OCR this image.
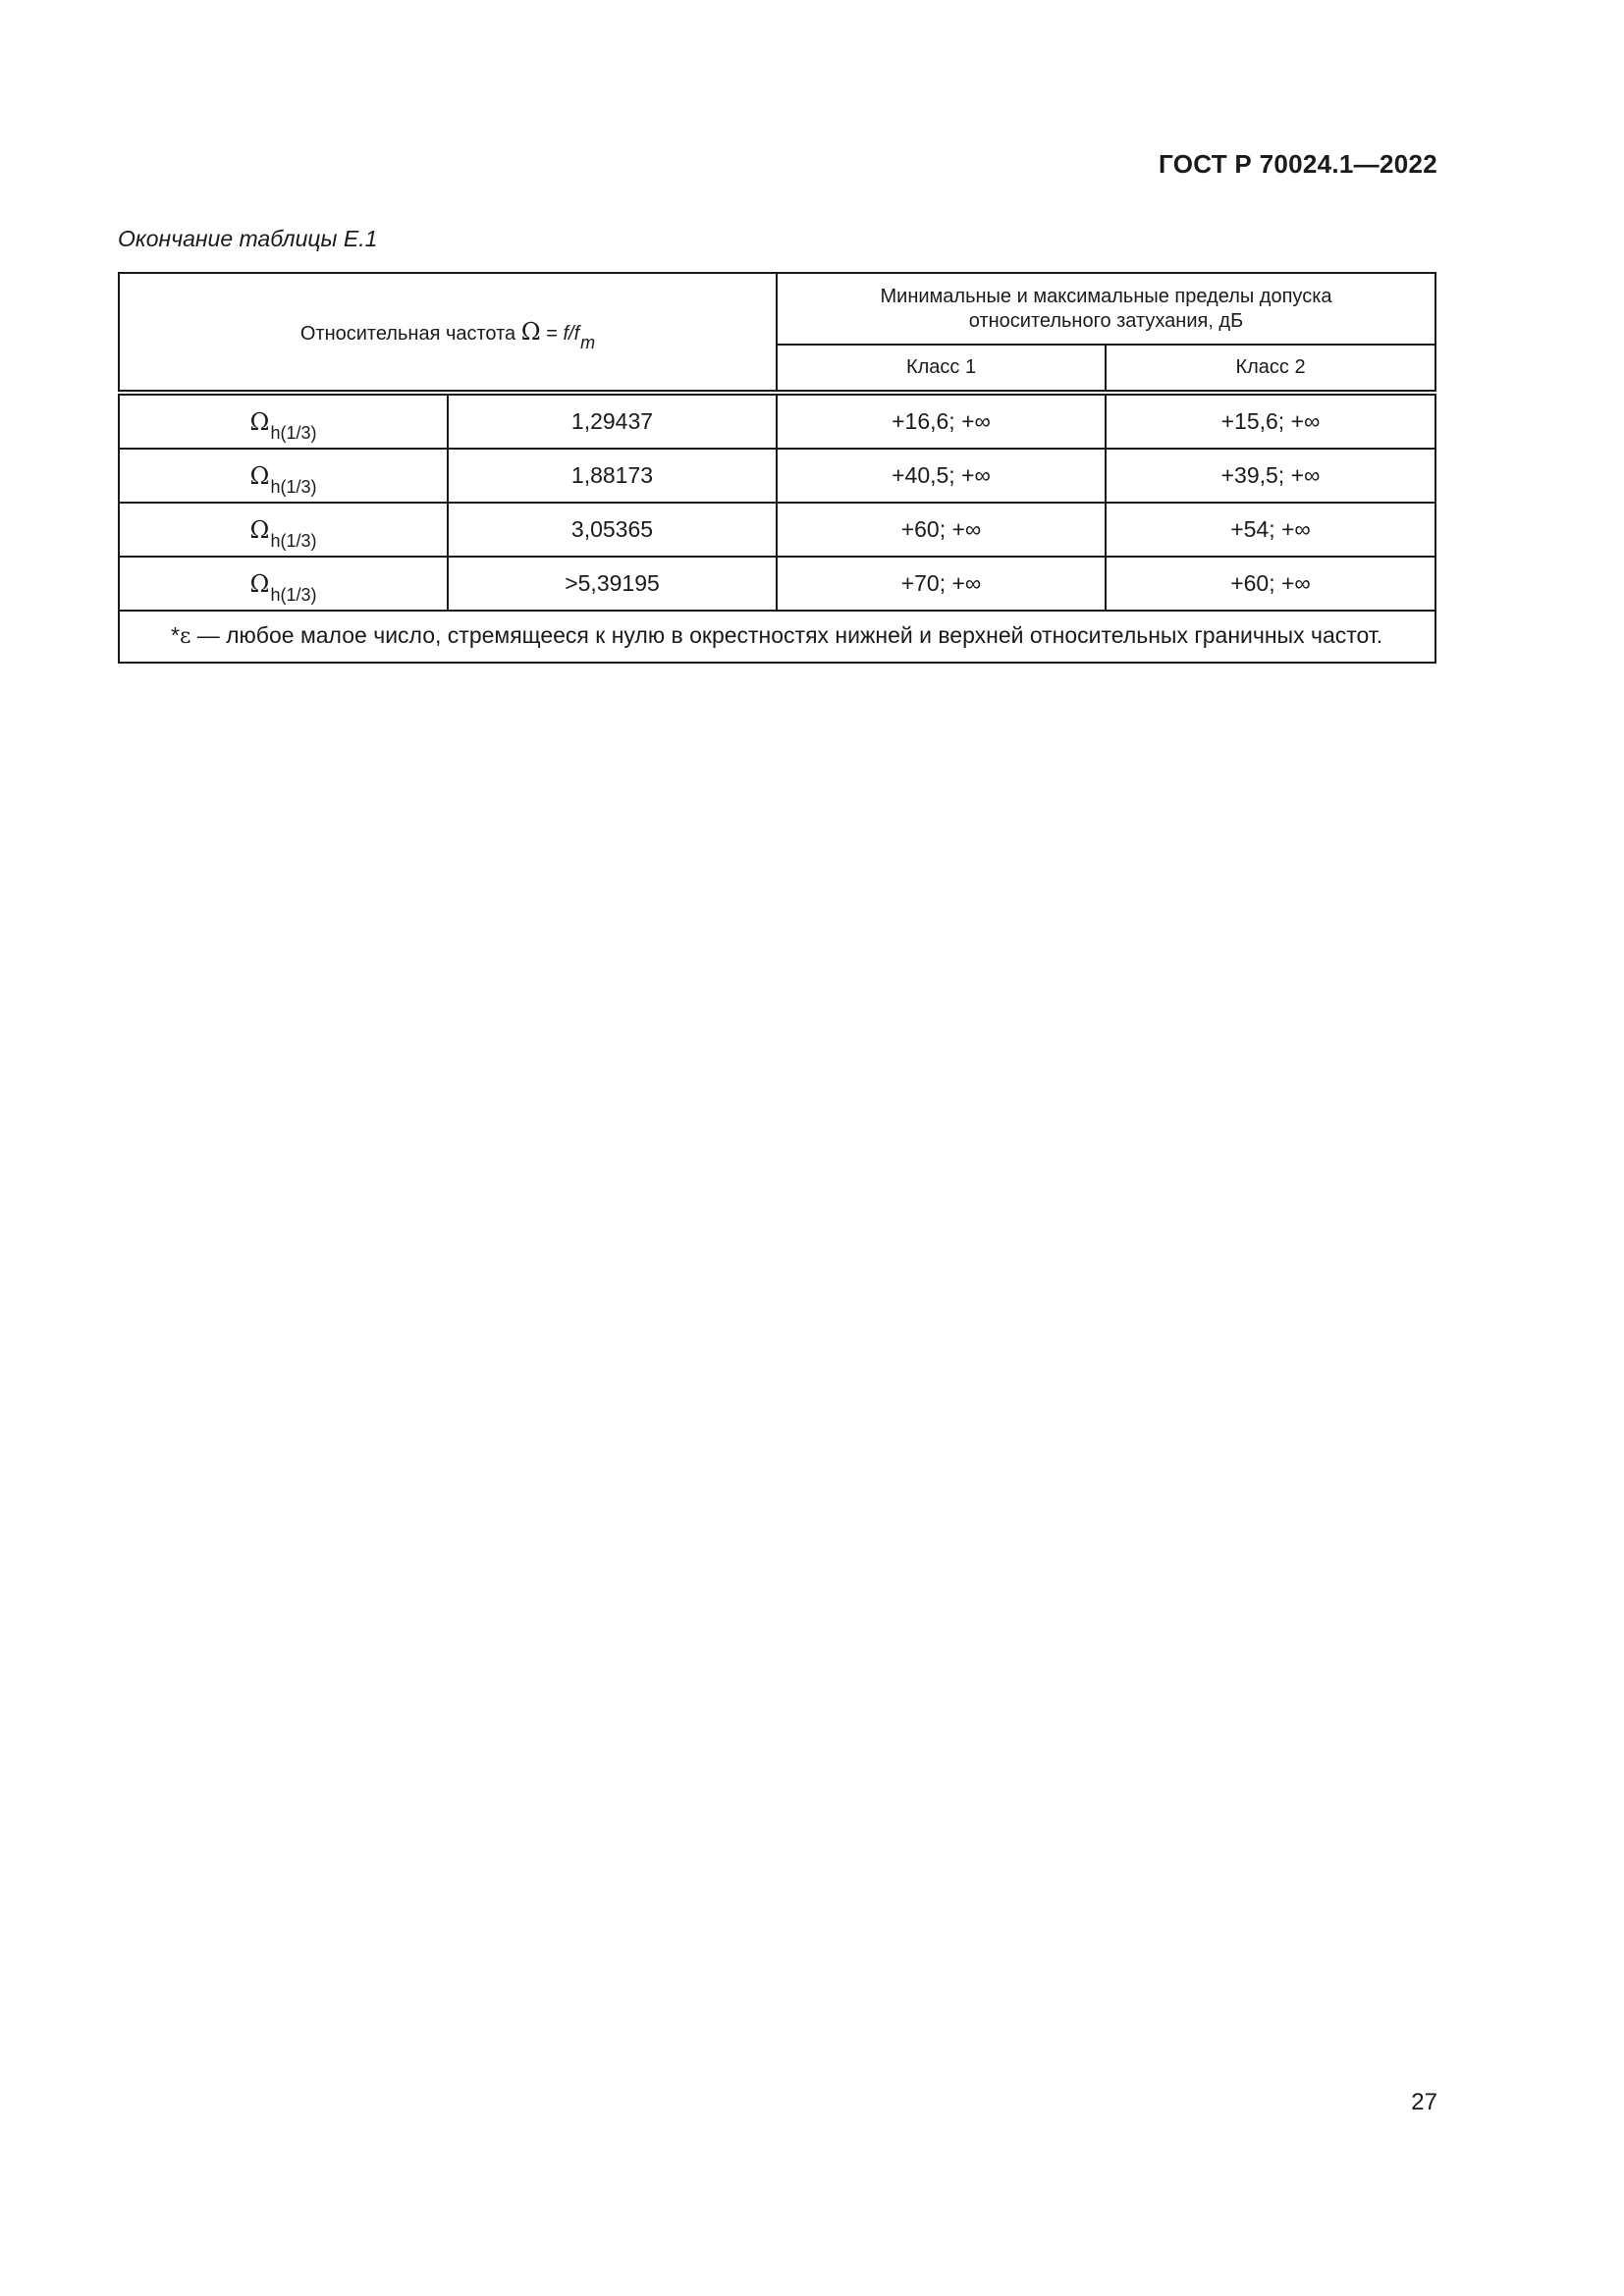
ГОСТ Р 70024.1—2022
Окончание таблицы Е.1
Относительная частота Ω = f/fm		Минимальные и максимальные пределы допуска относительного затухания, дБ	
		Класс 1	Класс 2
$\Omega_{h(1/3)}$	1,29437	+16,6; +∞	+15,6; +∞
$\Omega_{h(1/3)}$	1,88173	+40,5; +∞	+39,5; +∞
$\Omega_{h(1/3)}$	3,05365	+60; +∞	+54; +∞
$\Omega_{h(1/3)}$	>5,39195	+70; +∞	+60; +∞

*ε — любое малое число, стремящееся к нулю в окрестностях нижней и верхней относительных граничных частот.			
27
